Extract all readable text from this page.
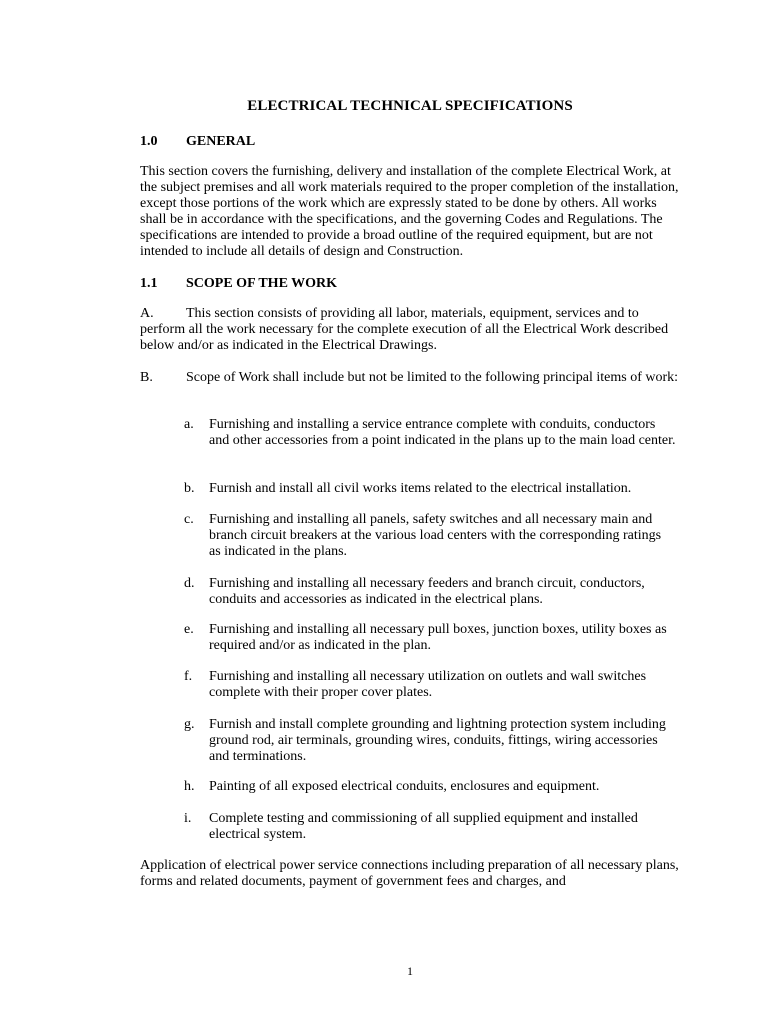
ELECTRICAL TECHNICAL SPECIFICATIONS
1.0 GENERAL

This section covers the furnishing, delivery and installation of the complete Electrical Work, at the subject premises and all work materials required to the proper completion of the installation, except those portions of the work which are expressly stated to be done by others. All works shall be in accordance with the specifications, and the governing Codes and Regulations. The specifications are intended to provide a broad outline of the required equipment, but are not intended to include all details of design and Construction.

1.1 SCOPE OF THE WORK

A. This section consists of providing all labor, materials, equipment, services and to perform all the work necessary for the complete execution of all the Electrical Work described below and/or as indicated in the Electrical Drawings.

B. Scope of Work shall include but not be limited to the following principal items of work:

a.	Furnishing and installing a service entrance complete with conduits, conductors and other accessories from a point indicated in the plans up to the main load center.
b.	Furnish and install all civil works items related to the electrical installation.
c.	Furnishing and installing all panels, safety switches and all necessary main and branch circuit breakers at the various load centers with the corresponding ratings as indicated in the plans.
d.	Furnishing and installing all necessary feeders and branch circuit, conductors, conduits and accessories as indicated in the electrical plans.
e.	Furnishing and installing all necessary pull boxes, junction boxes, utility boxes as required and/or as indicated in the plan.
f.	Furnishing and installing all necessary utilization on outlets and wall switches complete with their proper cover plates.
g.	Furnish and install complete grounding and lightning protection system including ground rod, air terminals, grounding wires, conduits, fittings, wiring accessories and terminations.
h.	Painting of all exposed electrical conduits, enclosures and equipment.
i.	Complete testing and commissioning of all supplied equipment and installed electrical system.

Application of electrical power service connections including preparation of all necessary plans, forms and related documents, payment of government fees and charges, and

1
